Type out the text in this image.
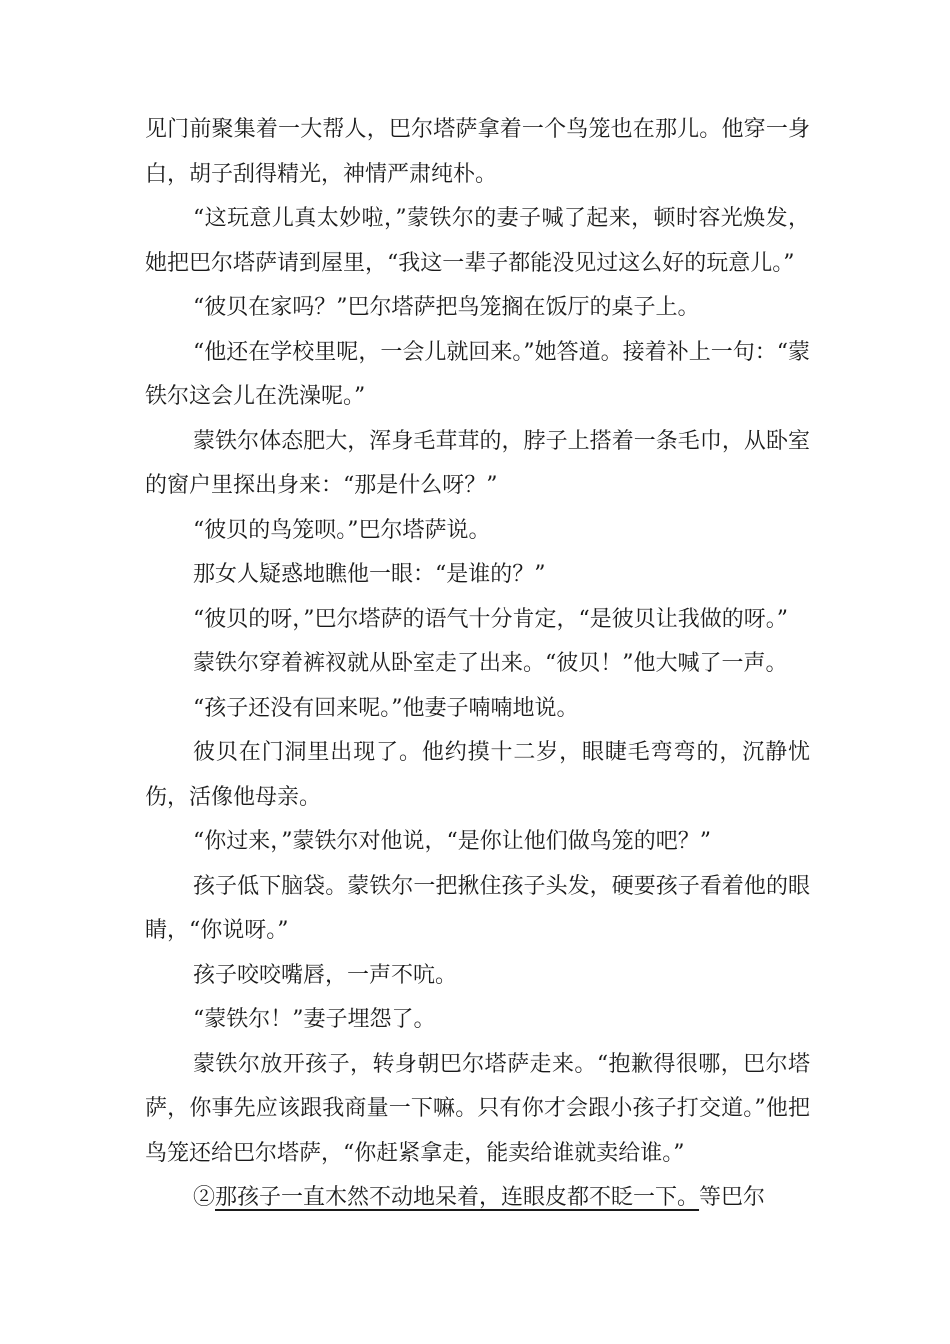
见门前聚集着一大帮人，巴尔塔萨拿着一个鸟笼也在那儿。他穿一身白，胡子刮得精光，神情严肃纯朴。

“这玩意儿真太妙啦，”蒙铁尔的妻子喊了起来，顿时容光焕发，她把巴尔塔萨请到屋里，“我这一辈子都能没见过这么好的玩意儿。”

“彼贝在家吗？”巴尔塔萨把鸟笼搁在饭厅的桌子上。

“他还在学校里呢，一会儿就回来。”她答道。接着补上一句：“蒙铁尔这会儿在洗澡呢。”

蒙铁尔体态肥大，浑身毛茸茸的，脖子上搭着一条毛巾，从卧室的窗户里探出身来：“那是什么呀？”

“彼贝的鸟笼呗。”巴尔塔萨说。

那女人疑惑地瞧他一眼：“是谁的？”

“彼贝的呀，”巴尔塔萨的语气十分肯定，“是彼贝让我做的呀。”

蒙铁尔穿着裤衩就从卧室走了出来。“彼贝！”他大喊了一声。

“孩子还没有回来呢。”他妻子喃喃地说。

彼贝在门洞里出现了。他约摸十二岁，眼睫毛弯弯的，沉静忧伤，活像他母亲。

“你过来，”蒙铁尔对他说，“是你让他们做鸟笼的吧？”

孩子低下脑袋。蒙铁尔一把揪住孩子头发，硬要孩子看着他的眼睛，“你说呀。”

孩子咬咬嘴唇，一声不吭。

“蒙铁尔！”妻子埋怨了。

蒙铁尔放开孩子，转身朝巴尔塔萨走来。“抱歉得很哪，巴尔塔萨，你事先应该跟我商量一下嘛。只有你才会跟小孩子打交道。”他把鸟笼还给巴尔塔萨，“你赶紧拿走，能卖给谁就卖给谁。”

②那孩子一直木然不动地呆着，连眼皮都不眨一下。等巴尔
